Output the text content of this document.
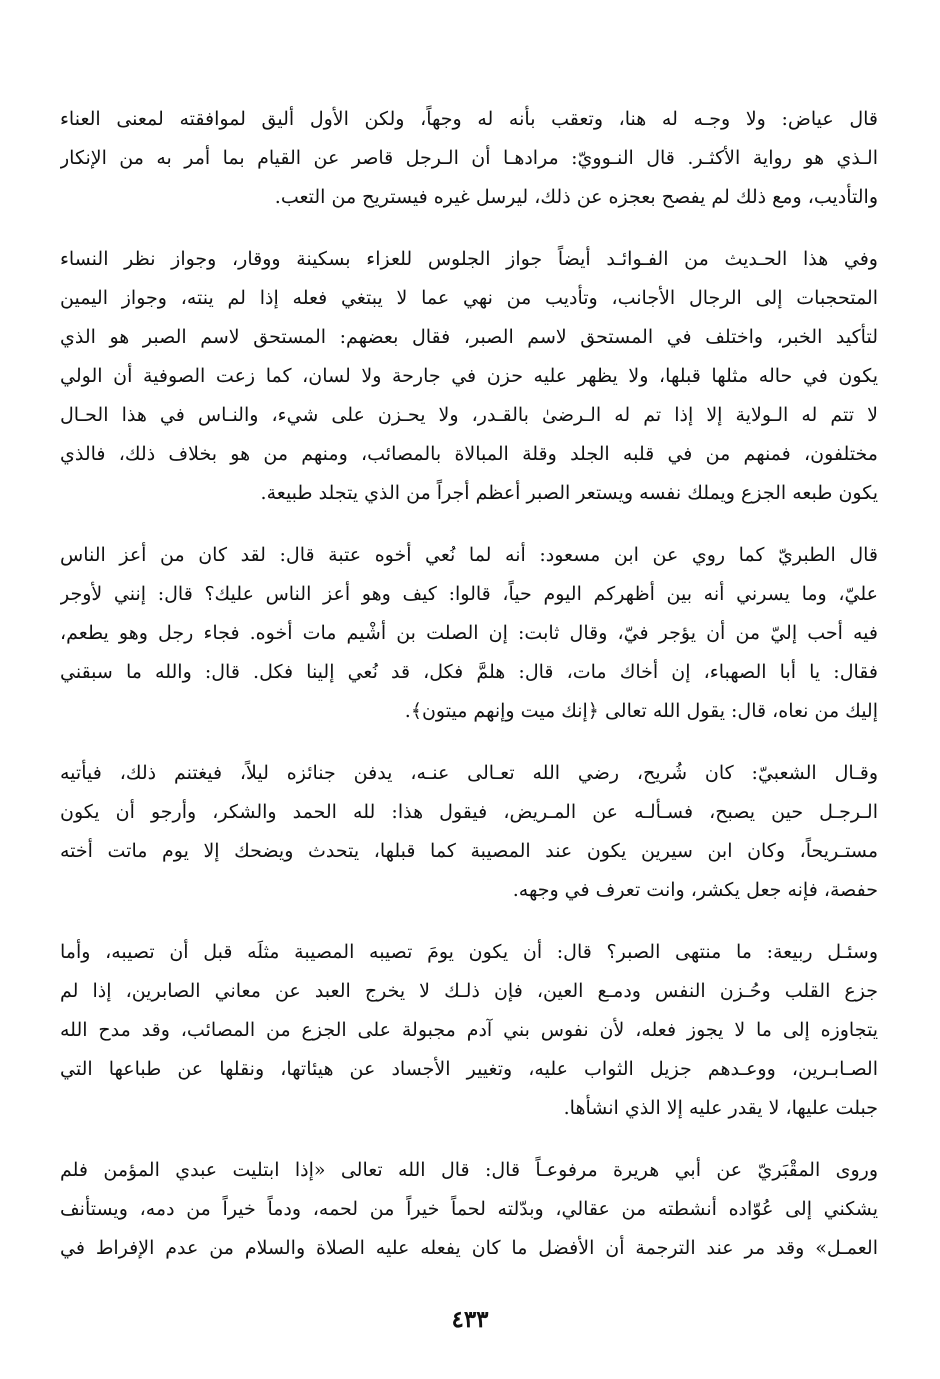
قال عياض: ولا وجـه له هنا، وتعقب بأنه له وجهاً، ولكن الأول أليق لموافقته لمعنى العناء
الـذي هو رواية الأكثـر. قال النـوويّ: مرادهـا أن الـرجل قاصر عن القيام بما أمر به من الإنكار
والتأديب، ومع ذلك لم يفصح بعجزه عن ذلك، ليرسل غيره فيستريح من التعب.
وفي هذا الحـديث من الفـوائـد أيضاً جواز الجلوس للعزاء بسكينة ووقار، وجواز نظر النساء
المتحجبات إلى الرجال الأجانب، وتأديب من نهي عما لا يبتغي فعله إذا لم ينته، وجواز اليمين
لتأكيد الخبر، واختلف في المستحق لاسم الصبر، فقال بعضهم: المستحق لاسم الصبر هو الذي
يكون في حاله مثلها قبلها، ولا يظهر عليه حزن في جارحة ولا لسان، كما زعت الصوفية أن الولي
لا تتم له الـولاية إلا إذا تم له الـرضىٰ بالقـدر، ولا يحـزن على شيء، والنـاس في هذا الحـال
مختلفون، فمنهم من في قلبه الجلد وقلة المبالاة بالمصائب، ومنهم من هو بخلاف ذلك، فالذي
يكون طبعه الجزع ويملك نفسه ويستعر الصبر أعظم أجراً من الذي يتجلد طبيعة.
قال الطبريّ كما روي عن ابن مسعود: أنه لما نُعي أخوه عتبة قال: لقد كان من أعز الناس
عليّ، وما يسرني أنه بين أظهركم اليوم حياً، قالوا: كيف وهو أعز الناس عليك؟ قال: إنني لأوجر
فيه أحب إليّ من أن يؤجر فيّ، وقال ثابت: إن الصلت بن أشْيم مات أخوه. فجاء رجل وهو يطعم،
فقال: يا أبا الصهباء، إن أخاك مات، قال: هلمَّ فكل، قد نُعي إلينا فكل. قال: والله ما سبقني
إليك من نعاه، قال: يقول الله تعالى ﴿إنك ميت وإنهم ميتون﴾.
وقـال الشعبيّ: كان شُريح، رضي الله تعـالى عنـه، يدفن جنائزه ليلاً، فيغتنم ذلك، فيأتيه
الـرجـل حين يصبح، فسـألـه عن المـريض، فيقول هذا: لله الحمد والشكر، وأرجو أن يكون
مستـريحاً، وكان ابن سيرين يكون عند المصيبة كما قبلها، يتحدث ويضحك إلا يوم ماتت أخته
حفصة، فإنه جعل يكشر، وانت تعرف في وجهه.
وسئـل ربيعة: ما منتهى الصبر؟ قال: أن يكون يومَ تصيبه المصيبة مثلَه قبل أن تصيبه، وأما
جزع القلب وحُـزن النفس ودمـع العين، فإن ذلـك لا يخرج العبد عن معاني الصابرين، إذا لم
يتجاوزه إلى ما لا يجوز فعله، لأن نفوس بني آدم مجبولة على الجزع من المصائب، وقد مدح الله
الصـابـرين، ووعـدهم جزيل الثواب عليه، وتغيير الأجساد عن هيئاتها، ونقلها عن طباعها التي
جبلت عليها، لا يقدر عليه إلا الذي انشأها.
وروى المقْبَريّ عن أبي هريرة مرفوعـاً قال: قال الله تعالى «إذا ابتليت عبدي المؤمن فلم
يشكني إلى عُوّاده أنشطته من عقالي، وبدّلته لحماً خيراً من لحمه، ودماً خيراً من دمه، ويستأنف
العمـل» وقد مر عند الترجمة أن الأفضل ما كان يفعله عليه الصلاة والسلام من عدم الإفراط في
٤٣٣
